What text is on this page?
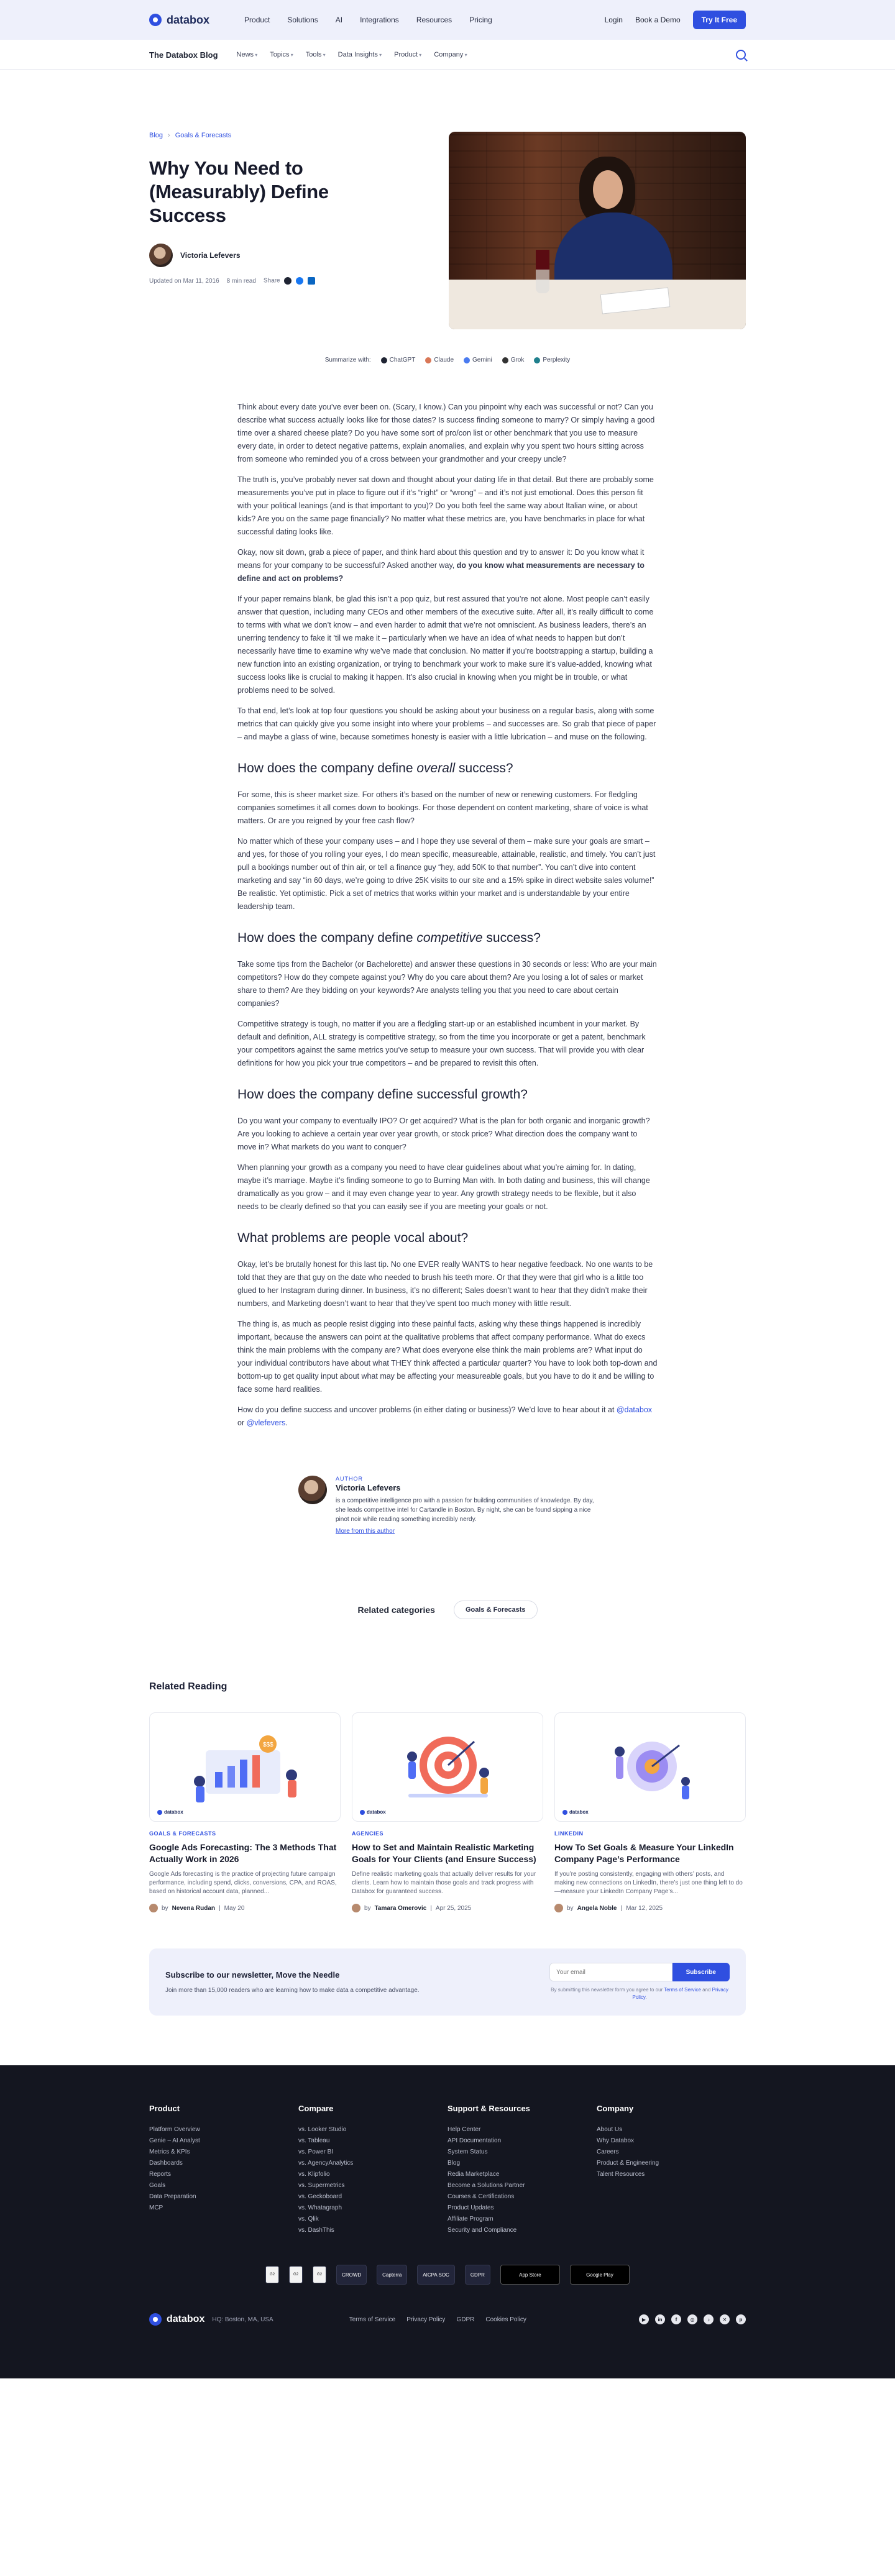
databox	Product Solutions AI Integrations Resources Pricing	Login Book a Demo	Try It Free
The Databox Blog	News ▾	Topics ▾	Tools ▾	Data Insights ▾	Product ▾	Company ▾
Blog › Goals & Forecasts
Why You Need to (Measurably) Define Success
Victoria Lefevers
Updated on Mar 11, 2016 8 min read Share
Summarize with:	ChatGPT	Claude	Gemini	Grok	Perplexity

Think about every date you’ve ever been on. (Scary, I know.) Can you pinpoint why each was successful or not? Can you describe what success actually looks like for those dates? Is success finding someone to marry? Or simply having a good time over a shared cheese plate? Do you have some sort of pro/con list or other benchmark that you use to measure every date, in order to detect negative patterns, explain anomalies, and explain why you spent two hours sitting across from someone who reminded you of a cross between your grandmother and your creepy uncle?

The truth is, you’ve probably never sat down and thought about your dating life in that detail. But there are probably some measurements you’ve put in place to figure out if it’s “right” or “wrong” – and it’s not just emotional. Does this person fit with your political leanings (and is that important to you)? Do you both feel the same way about Italian wine, or about kids? Are you on the same page financially? No matter what these metrics are, you have benchmarks in place for what successful dating looks like.

Okay, now sit down, grab a piece of paper, and think hard about this question and try to answer it: Do you know what it means for your company to be successful? Asked another way, do you know what measurements are necessary to define and act on problems?

If your paper remains blank, be glad this isn’t a pop quiz, but rest assured that you’re not alone. Most people can’t easily answer that question, including many CEOs and other members of the executive suite. After all, it’s really difficult to come to terms with what we don’t know – and even harder to admit that we’re not omniscient. As business leaders, there’s an unerring tendency to fake it ’til we make it – particularly when we have an idea of what needs to happen but don’t necessarily have time to examine why we’ve made that conclusion. No matter if you’re bootstrapping a startup, building a new function into an existing organization, or trying to benchmark your work to make sure it’s value-added, knowing what success looks like is crucial to making it happen. It’s also crucial in knowing when you might be in trouble, or what problems need to be solved.

To that end, let’s look at top four questions you should be asking about your business on a regular basis, along with some metrics that can quickly give you some insight into where your problems – and successes are. So grab that piece of paper – and maybe a glass of wine, because sometimes honesty is easier with a little lubrication – and muse on the following.

How does the company define overall success?

For some, this is sheer market size. For others it’s based on the number of new or renewing customers. For fledgling companies sometimes it all comes down to bookings. For those dependent on content marketing, share of voice is what matters. Or are you reigned by your free cash flow?

No matter which of these your company uses – and I hope they use several of them – make sure your goals are smart – and yes, for those of you rolling your eyes, I do mean specific, measureable, attainable, realistic, and timely. You can’t just pull a bookings number out of thin air, or tell a finance guy “hey, add 50K to that number”. You can’t dive into content marketing and say “in 60 days, we’re going to drive 25K visits to our site and a 15% spike in direct website sales volume!” Be realistic. Yet optimistic. Pick a set of metrics that works within your market and is understandable by your entire leadership team.

How does the company define competitive success?

Take some tips from the Bachelor (or Bachelorette) and answer these questions in 30 seconds or less: Who are your main competitors? How do they compete against you? Why do you care about them? Are you losing a lot of sales or market share to them? Are they bidding on your keywords? Are analysts telling you that you need to care about certain companies?

Competitive strategy is tough, no matter if you are a fledgling start-up or an established incumbent in your market. By default and definition, ALL strategy is competitive strategy, so from the time you incorporate or get a patent, benchmark your competitors against the same metrics you’ve setup to measure your own success. That will provide you with clear definitions for how you pick your true competitors – and be prepared to revisit this often.

How does the company define successful growth?

Do you want your company to eventually IPO? Or get acquired? What is the plan for both organic and inorganic growth? Are you looking to achieve a certain year over year growth, or stock price? What direction does the company want to move in? What markets do you want to conquer?

When planning your growth as a company you need to have clear guidelines about what you’re aiming for. In dating, maybe it’s marriage. Maybe it’s finding someone to go to Burning Man with. In both dating and business, this will change dramatically as you grow – and it may even change year to year. Any growth strategy needs to be flexible, but it also needs to be clearly defined so that you can easily see if you are meeting your goals or not.

What problems are people vocal about?

Okay, let’s be brutally honest for this last tip. No one EVER really WANTS to hear negative feedback. No one wants to be told that they are that guy on the date who needed to brush his teeth more. Or that they were that girl who is a little too glued to her Instagram during dinner. In business, it’s no different; Sales doesn’t want to hear that they didn’t make their numbers, and Marketing doesn’t want to hear that they’ve spent too much money with little result.

The thing is, as much as people resist digging into these painful facts, asking why these things happened is incredibly important, because the answers can point at the qualitative problems that affect company performance. What do execs think the main problems with the company are? What does everyone else think the main problems are? What input do your individual contributors have about what THEY think affected a particular quarter? You have to look both top-down and bottom-up to get quality input about what may be affecting your measureable goals, but you have to do it and be willing to face some hard realities.

How do you define success and uncover problems (in either dating or business)? We’d love to hear about it at @databox or @vlefevers.

AUTHOR
Victoria Lefevers
is a competitive intelligence pro with a passion for building communities of knowledge. By day, she leads competitive intel for Cartandle in Boston. By night, she can be found sipping a nice pinot noir while reading something incredibly nerdy.
More from this author
Related categories	Goals & Forecasts
Related Reading
$$$
databox
GOALS & FORECASTS
Google Ads Forecasting: The 3 Methods That Actually Work in 2026
Google Ads forecasting is the practice of projecting future campaign performance, including spend, clicks, conversions, CPA, and ROAS, based on historical account data, planned...
by Nevena Rudan | May 20
databox
AGENCIES
How to Set and Maintain Realistic Marketing Goals for Your Clients (and Ensure Success)
Define realistic marketing goals that actually deliver results for your clients. Learn how to maintain those goals and track progress with Databox for guaranteed success.
by Tamara Omerovic | Apr 25, 2025
databox
LINKEDIN
How To Set Goals & Measure Your LinkedIn Company Page’s Performance
If you’re posting consistently, engaging with others’ posts, and making new connections on LinkedIn, there’s just one thing left to do—measure your LinkedIn Company Page’s...
by Angela Noble | Mar 12, 2025
Subscribe to our newsletter, Move the Needle
Join more than 15,000 readers who are learning how to make data a competitive advantage.
Your email
Subscribe
By submitting this newsletter form you agree to our Terms of Service and Privacy Policy.
Product
Platform Overview
Genie – AI Analyst
Metrics & KPIs
Dashboards
Reports
Goals
Data Preparation
MCP
Compare
vs. Looker Studio
vs. Tableau
vs. Power BI
vs. AgencyAnalytics
vs. Klipfolio
vs. Supermetrics
vs. Geckoboard
vs. Whatagraph
vs. Qlik
vs. DashThis
Support & Resources
Help Center
API Documentation
System Status
Blog
Redia Marketplace
Become a Solutions Partner
Courses & Certifications
Product Updates
Affiliate Program
Security and Compliance
Company
About Us
Why Databox
Careers
Product & Engineering
Talent Resources
G2	G2	G2	CROWD	Capterra	AICPA SOC	GDPR	App Store	Google Play
databox HQ: Boston, MA, USA	Terms of Service Privacy Policy GDPR Cookies Policy	▶	in	f	◎	♪	✕	p
